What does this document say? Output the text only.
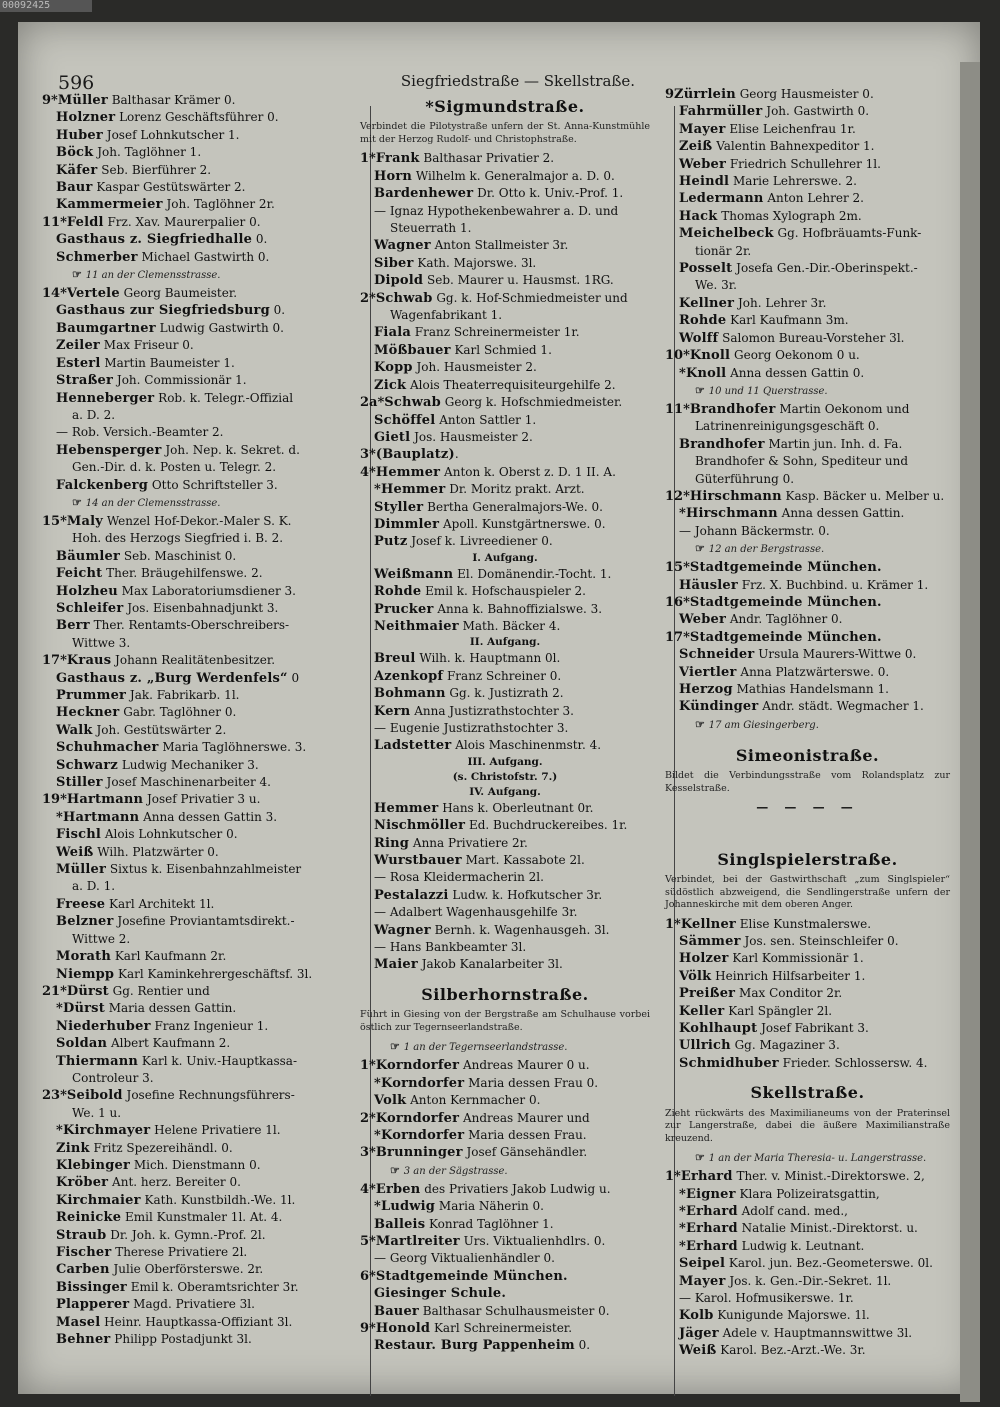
00092425
596	Siegfriedstraße — Skellstraße.
9*Müller Balthasar Krämer 0.
Holzner Lorenz Geschäftsführer 0.
Huber Josef Lohnkutscher 1.
Böck Joh. Taglöhner 1.
Käfer Seb. Bierführer 2.
Baur Kaspar Gestütswärter 2.
Kammermeier Joh. Taglöhner 2r.
11*Feldl Frz. Xav. Maurerpalier 0.
Gasthaus z. Siegfriedhalle 0.
Schmerber Michael Gastwirth 0.
☞ 11 an der Clemensstrasse.
14*Vertele Georg Baumeister.
Gasthaus zur Siegfriedsburg 0.
Baumgartner Ludwig Gastwirth 0.
Zeiler Max Friseur 0.
Esterl Martin Baumeister 1.
Straßer Joh. Commissionär 1.
Henneberger Rob. k. Telegr.-Offizial
a. D. 2.
— Rob. Versich.-Beamter 2.
Hebensperger Joh. Nep. k. Sekret. d.
Gen.-Dir. d. k. Posten u. Telegr. 2.
Falckenberg Otto Schriftsteller 3.
☞ 14 an der Clemensstrasse.
15*Maly Wenzel Hof-Dekor.-Maler S. K.
Hoh. des Herzogs Siegfried i. B. 2.
Bäumler Seb. Maschinist 0.
Feicht Ther. Bräugehilfenswe. 2.
Holzheu Max Laboratoriumsdiener 3.
Schleifer Jos. Eisenbahnadjunkt 3.
Berr Ther. Rentamts-Oberschreibers-
Wittwe 3.
17*Kraus Johann Realitätenbesitzer.
Gasthaus z. „Burg Werdenfels“ 0
Prummer Jak. Fabrikarb. 1l.
Heckner Gabr. Taglöhner 0.
Walk Joh. Gestütswärter 2.
Schuhmacher Maria Taglöhnerswe. 3.
Schwarz Ludwig Mechaniker 3.
Stiller Josef Maschinenarbeiter 4.
19*Hartmann Josef Privatier 3 u.
*Hartmann Anna dessen Gattin 3.
Fischl Alois Lohnkutscher 0.
Weiß Wilh. Platzwärter 0.
Müller Sixtus k. Eisenbahnzahlmeister
a. D. 1.
Freese Karl Architekt 1l.
Belzner Josefine Proviantamtsdirekt.-
Wittwe 2.
Morath Karl Kaufmann 2r.
Niempp Karl Kaminkehrergeschäftsf. 3l.
21*Dürst Gg. Rentier und
*Dürst Maria dessen Gattin.
Niederhuber Franz Ingenieur 1.
Soldan Albert Kaufmann 2.
Thiermann Karl k. Univ.-Hauptkassa-
Controleur 3.
23*Seibold Josefine Rechnungsführers-
We. 1 u.
*Kirchmayer Helene Privatiere 1l.
Zink Fritz Spezereihändl. 0.
Klebinger Mich. Dienstmann 0.
Kröber Ant. herz. Bereiter 0.
Kirchmaier Kath. Kunstbildh.-We. 1l.
Reinicke Emil Kunstmaler 1l. At. 4.
Straub Dr. Joh. k. Gymn.-Prof. 2l.
Fischer Therese Privatiere 2l.
Carben Julie Oberförsterswe. 2r.
Bissinger Emil k. Oberamtsrichter 3r.
Plapperer Magd. Privatiere 3l.
Masel Heinr. Hauptkassa-Offiziant 3l.
Behner Philipp Postadjunkt 3l.
*Sigmundstraße.
Verbindet die Pilotystraße unfern der St. Anna-Kunstmühle mit der Herzog Rudolf- und Christophstraße.
1*Frank Balthasar Privatier 2.
Horn Wilhelm k. Generalmajor a. D. 0.
Bardenhewer Dr. Otto k. Univ.-Prof. 1.
— Ignaz Hypothekenbewahrer a. D. und
Steuerrath 1.
Wagner Anton Stallmeister 3r.
Siber Kath. Majorswe. 3l.
Dipold Seb. Maurer u. Hausmst. 1RG.
2*Schwab Gg. k. Hof-Schmiedmeister und
Wagenfabrikant 1.
Fiala Franz Schreinermeister 1r.
Mößbauer Karl Schmied 1.
Kopp Joh. Hausmeister 2.
Zick Alois Theaterrequisiteurgehilfe 2.
2a*Schwab Georg k. Hofschmiedmeister.
Schöffel Anton Sattler 1.
Gietl Jos. Hausmeister 2.
3*(Bauplatz).
4*Hemmer Anton k. Oberst z. D. 1 II. A.
*Hemmer Dr. Moritz prakt. Arzt.
Styller Bertha Generalmajors-We. 0.
Dimmler Apoll. Kunstgärtnerswe. 0.
Putz Josef k. Livreediener 0.
I. Aufgang.
Weißmann El. Domänendir.-Tocht. 1.
Rohde Emil k. Hofschauspieler 2.
Prucker Anna k. Bahnoffizialswe. 3.
Neithmaier Math. Bäcker 4.
II. Aufgang.
Breul Wilh. k. Hauptmann 0l.
Azenkopf Franz Schreiner 0.
Bohmann Gg. k. Justizrath 2.
Kern Anna Justizrathstochter 3.
— Eugenie Justizrathstochter 3.
Ladstetter Alois Maschinenmstr. 4.
III. Aufgang.
(s. Christofstr. 7.)
IV. Aufgang.
Hemmer Hans k. Oberleutnant 0r.
Nischmöller Ed. Buchdruckereibes. 1r.
Ring Anna Privatiere 2r.
Wurstbauer Mart. Kassabote 2l.
— Rosa Kleidermacherin 2l.
Pestalazzi Ludw. k. Hofkutscher 3r.
— Adalbert Wagenhausgehilfe 3r.
Wagner Bernh. k. Wagenhausgeh. 3l.
— Hans Bankbeamter 3l.
Maier Jakob Kanalarbeiter 3l.
Silberhornstraße.
Führt in Giesing von der Bergstraße am Schulhause vorbei östlich zur Tegernseerlandstraße.
☞ 1 an der Tegernseerlandstrasse.
1*Korndorfer Andreas Maurer 0 u.
*Korndorfer Maria dessen Frau 0.
Volk Anton Kernmacher 0.
2*Korndorfer Andreas Maurer und
*Korndorfer Maria dessen Frau.
3*Brunninger Josef Gänsehändler.
☞ 3 an der Sägstrasse.
4*Erben des Privatiers Jakob Ludwig u.
*Ludwig Maria Näherin 0.
Balleis Konrad Taglöhner 1.
5*Martlreiter Urs. Viktualienhdlrs. 0.
— Georg Viktualienhändler 0.
6*Stadtgemeinde München.
Giesinger Schule.
Bauer Balthasar Schulhausmeister 0.
9*Honold Karl Schreinermeister.
Restaur. Burg Pappenheim 0.
9Zürrlein Georg Hausmeister 0.
Fahrmüller Joh. Gastwirth 0.
Mayer Elise Leichenfrau 1r.
Zeiß Valentin Bahnexpeditor 1.
Weber Friedrich Schullehrer 1l.
Heindl Marie Lehrerswe. 2.
Ledermann Anton Lehrer 2.
Hack Thomas Xylograph 2m.
Meichelbeck Gg. Hofbräuamts-Funk-
tionär 2r.
Posselt Josefa Gen.-Dir.-Oberinspekt.-
We. 3r.
Kellner Joh. Lehrer 3r.
Rohde Karl Kaufmann 3m.
Wolff Salomon Bureau-Vorsteher 3l.
10*Knoll Georg Oekonom 0 u.
*Knoll Anna dessen Gattin 0.
☞ 10 und 11 Querstrasse.
11*Brandhofer Martin Oekonom und
Latrinenreinigungsgeschäft 0.
Brandhofer Martin jun. Inh. d. Fa.
Brandhofer & Sohn, Spediteur und
Güterführung 0.
12*Hirschmann Kasp. Bäcker u. Melber u.
*Hirschmann Anna dessen Gattin.
— Johann Bäckermstr. 0.
☞ 12 an der Bergstrasse.
15*Stadtgemeinde München.
Häusler Frz. X. Buchbind. u. Krämer 1.
16*Stadtgemeinde München.
Weber Andr. Taglöhner 0.
17*Stadtgemeinde München.
Schneider Ursula Maurers-Wittwe 0.
Viertler Anna Platzwärterswe. 0.
Herzog Mathias Handelsmann 1.
Kündinger Andr. städt. Wegmacher 1.
☞ 17 am Giesingerberg.
Simeonistraße.
Bildet die Verbindungsstraße vom Rolandsplatz zur Kesselstraße.
— — — —
Singlspielerstraße.
Verbindet, bei der Gastwirthschaft „zum Singlspieler“ südöstlich abzweigend, die Sendlingerstraße unfern der Johanneskirche mit dem oberen Anger.
1*Kellner Elise Kunstmalerswe.
Sämmer Jos. sen. Steinschleifer 0.
Holzer Karl Kommissionär 1.
Völk Heinrich Hilfsarbeiter 1.
Preißer Max Conditor 2r.
Keller Karl Spängler 2l.
Kohlhaupt Josef Fabrikant 3.
Ullrich Gg. Magaziner 3.
Schmidhuber Frieder. Schlossersw. 4.
Skellstraße.
Zieht rückwärts des Maximilianeums von der Praterinsel zur Langerstraße, dabei die äußere Maximilianstraße kreuzend.
☞ 1 an der Maria Theresia- u. Langerstrasse.
1*Erhard Ther. v. Minist.-Direktorswe. 2,
*Eigner Klara Polizeiratsgattin,
*Erhard Adolf cand. med.,
*Erhard Natalie Minist.-Direktorst. u.
*Erhard Ludwig k. Leutnant.
Seipel Karol. jun. Bez.-Geometerswe. 0l.
Mayer Jos. k. Gen.-Dir.-Sekret. 1l.
— Karol. Hofmusikerswe. 1r.
Kolb Kunigunde Majorswe. 1l.
Jäger Adele v. Hauptmannswittwe 3l.
Weiß Karol. Bez.-Arzt.-We. 3r.
